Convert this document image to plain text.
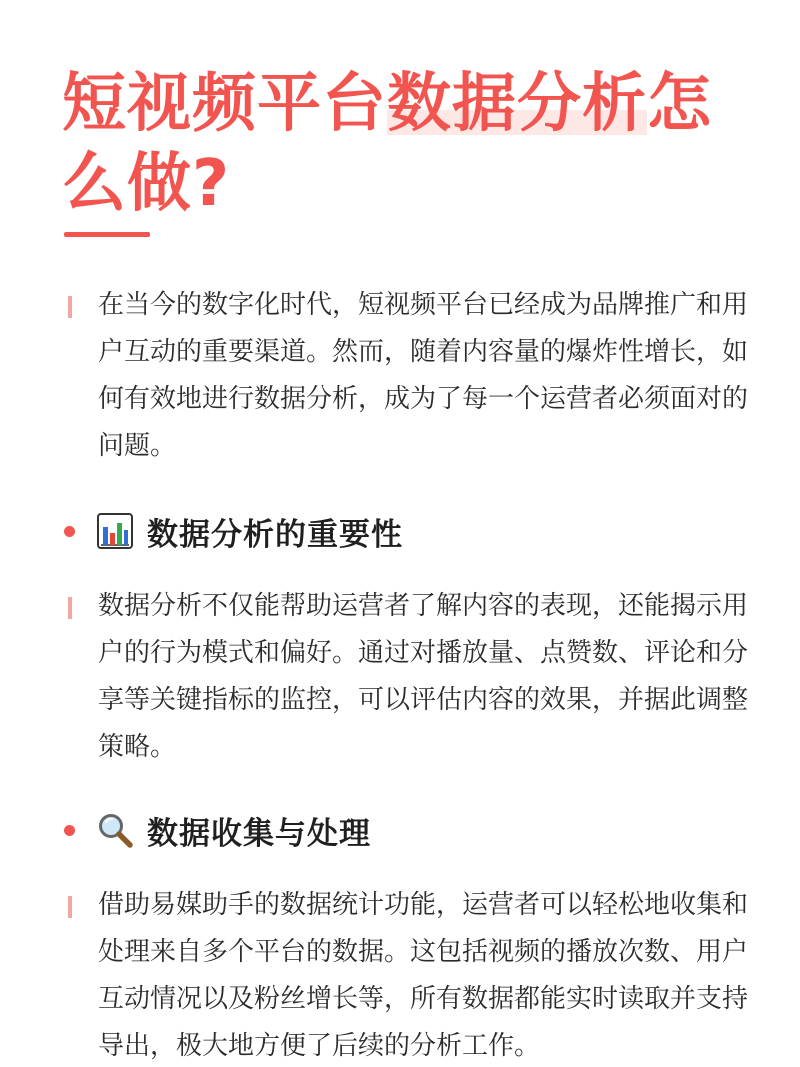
短视频平台数据分析怎么做?

在当今的数字化时代，短视频平台已经成为品牌推广和用户互动的重要渠道。然而，随着内容量的爆炸性增长，如何有效地进行数据分析，成为了每一个运营者必须面对的问题。

数据分析的重要性

数据分析不仅能帮助运营者了解内容的表现，还能揭示用户的行为模式和偏好。通过对播放量、点赞数、评论和分享等关键指标的监控，可以评估内容的效果，并据此调整策略。

数据收集与处理

借助易媒助手的数据统计功能，运营者可以轻松地收集和处理来自多个平台的数据。这包括视频的播放次数、用户互动情况以及粉丝增长等，所有数据都能实时读取并支持导出，极大地方便了后续的分析工作。
